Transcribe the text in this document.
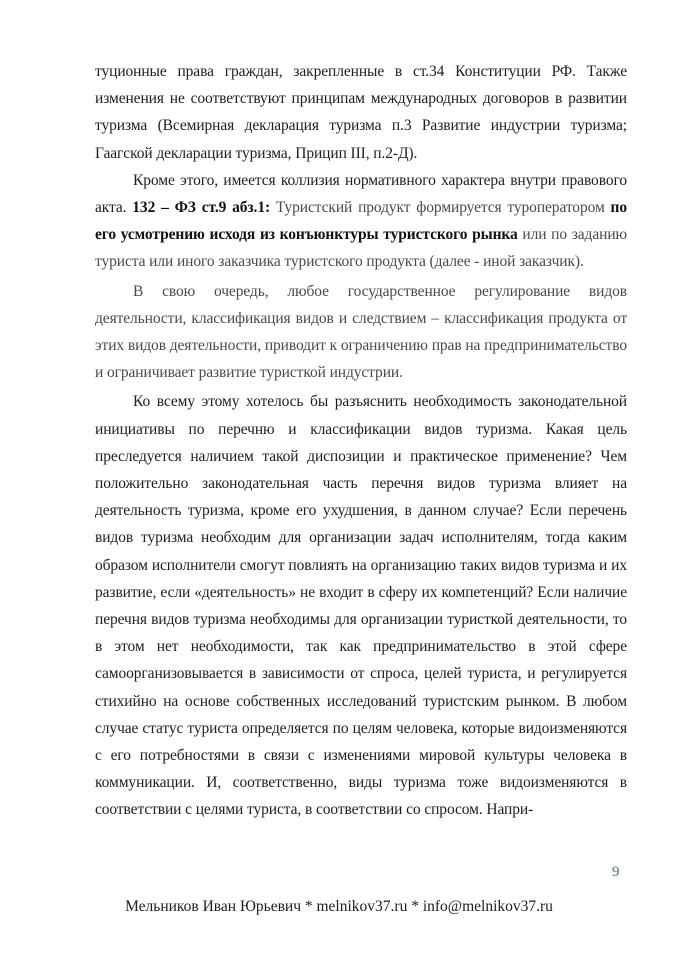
туционные права граждан, закрепленные в ст.34 Конституции РФ. Также изменения не соответствуют принципам международных договоров в развитии туризма (Всемирная декларация туризма п.3 Развитие индустрии туризма; Гаагской декларации туризма, Прицип III, п.2-Д).

Кроме этого, имеется коллизия нормативного характера внутри правового акта. 132 – ФЗ ст.9 абз.1: Туристский продукт формируется туроператором по его усмотрению исходя из конъюнктуры туристского рынка или по заданию туриста или иного заказчика туристского продукта (далее - иной заказчик).

В свою очередь, любое государственное регулирование видов деятельности, классификация видов и следствием – классификация продукта от этих видов деятельности, приводит к ограничению прав на предпринимательство и ограничивает развитие туристкой индустрии.

Ко всему этому хотелось бы разъяснить необходимость законодательной инициативы по перечню и классификации видов туризма. Какая цель преследуется наличием такой диспозиции и практическое применение? Чем положительно законодательная часть перечня видов туризма влияет на деятельность туризма, кроме его ухудшения, в данном случае? Если перечень видов туризма необходим для организации задач исполнителям, тогда каким образом исполнители смогут повлиять на организацию таких видов туризма и их развитие, если «деятельность» не входит в сферу их компетенций? Если наличие перечня видов туризма необходимы для организации туристкой деятельности, то в этом нет необходимости, так как предпринимательство в этой сфере самоорганизовывается в зависимости от спроса, целей туриста, и регулируется стихийно на основе собственных исследований туристским рынком. В любом случае статус туриста определяется по целям человека, которые видоизменяются с его потребностями в связи с изменениями мировой культуры человека в коммуникации. И, соответственно, виды туризма тоже видоизменяются в соответствии с целями туриста, в соответствии со спросом. Напри-

9
Мельников Иван Юрьевич * melnikov37.ru * info@melnikov37.ru
